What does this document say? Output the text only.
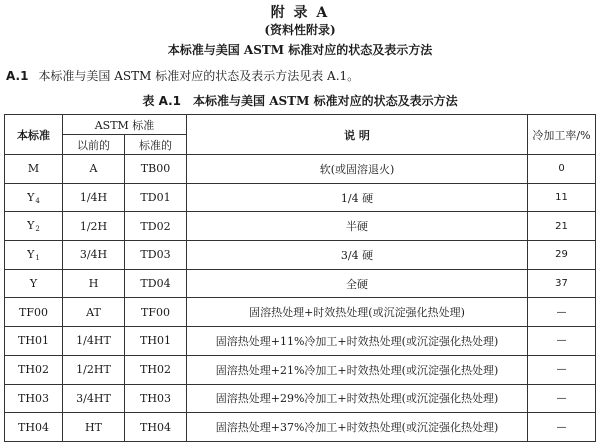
附 录 A
(资料性附录)
本标准与美国 ASTM 标准对应的状态及表示方法
A.1 本标准与美国 ASTM 标准对应的状态及表示方法见表 A.1。
表 A.1 本标准与美国 ASTM 标准对应的状态及表示方法
本标准	ASTM 标准		说 明	冷加工率/%
	以前的	标准的		
M	A	TB00	软(或固溶退火)	0
$Y_4$	1/4H	TD01	1/4 硬	11
$Y_2$	1/2H	TD02	半硬	21
$Y_1$	3/4H	TD03	3/4 硬	29
Y	H	TD04	全硬	37
TF00	AT	TF00	固溶热处理+时效热处理(或沉淀强化热处理)	—
TH01	1/4HT	TH01	固溶热处理+11%冷加工+时效热处理(或沉淀强化热处理)	—
TH02	1/2HT	TH02	固溶热处理+21%冷加工+时效热处理(或沉淀强化热处理)	—
TH03	3/4HT	TH03	固溶热处理+29%冷加工+时效热处理(或沉淀强化热处理)	—
TH04	HT	TH04	固溶热处理+37%冷加工+时效热处理(或沉淀强化热处理)	—
